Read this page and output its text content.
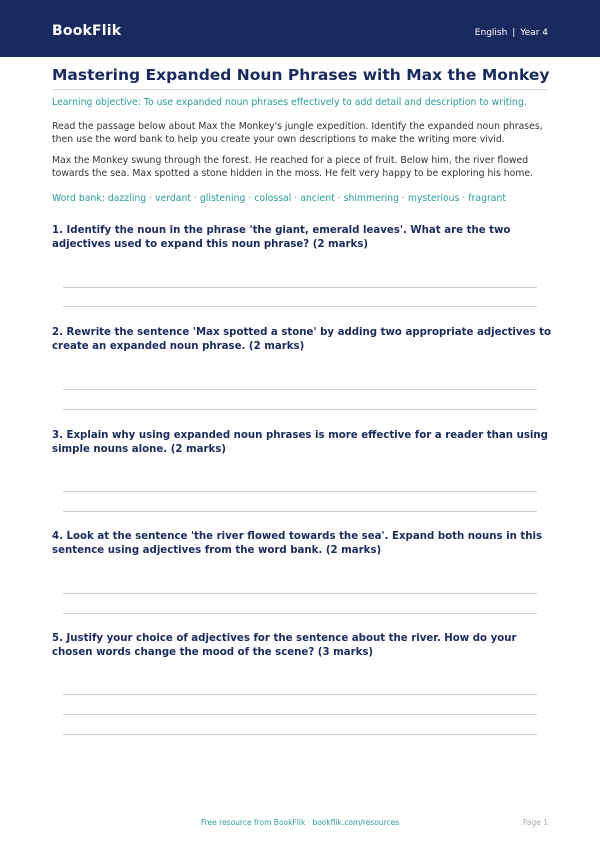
BookFlik	English | Year 4
Mastering Expanded Noun Phrases with Max the Monkey

Learning objective: To use expanded noun phrases effectively to add detail and description to writing.

Read the passage below about Max the Monkey's jungle expedition. Identify the expanded noun phrases, then use the word bank to help you create your own descriptions to make the writing more vivid.

Max the Monkey swung through the forest. He reached for a piece of fruit. Below him, the river flowed towards the sea. Max spotted a stone hidden in the moss. He felt very happy to be exploring his home.

Word bank: dazzling · verdant · glistening · colossal · ancient · shimmering · mysterious · fragrant

1. Identify the noun in the phrase 'the giant, emerald leaves'. What are the two adjectives used to expand this noun phrase? (2 marks)

2. Rewrite the sentence 'Max spotted a stone' by adding two appropriate adjectives to create an expanded noun phrase. (2 marks)

3. Explain why using expanded noun phrases is more effective for a reader than using simple nouns alone. (2 marks)

4. Look at the sentence 'the river flowed towards the sea'. Expand both nouns in this sentence using adjectives from the word bank. (2 marks)

5. Justify your choice of adjectives for the sentence about the river. How do your chosen words change the mood of the scene? (3 marks)

Free resource from BookFlik · bookflik.com/resources	Page 1
